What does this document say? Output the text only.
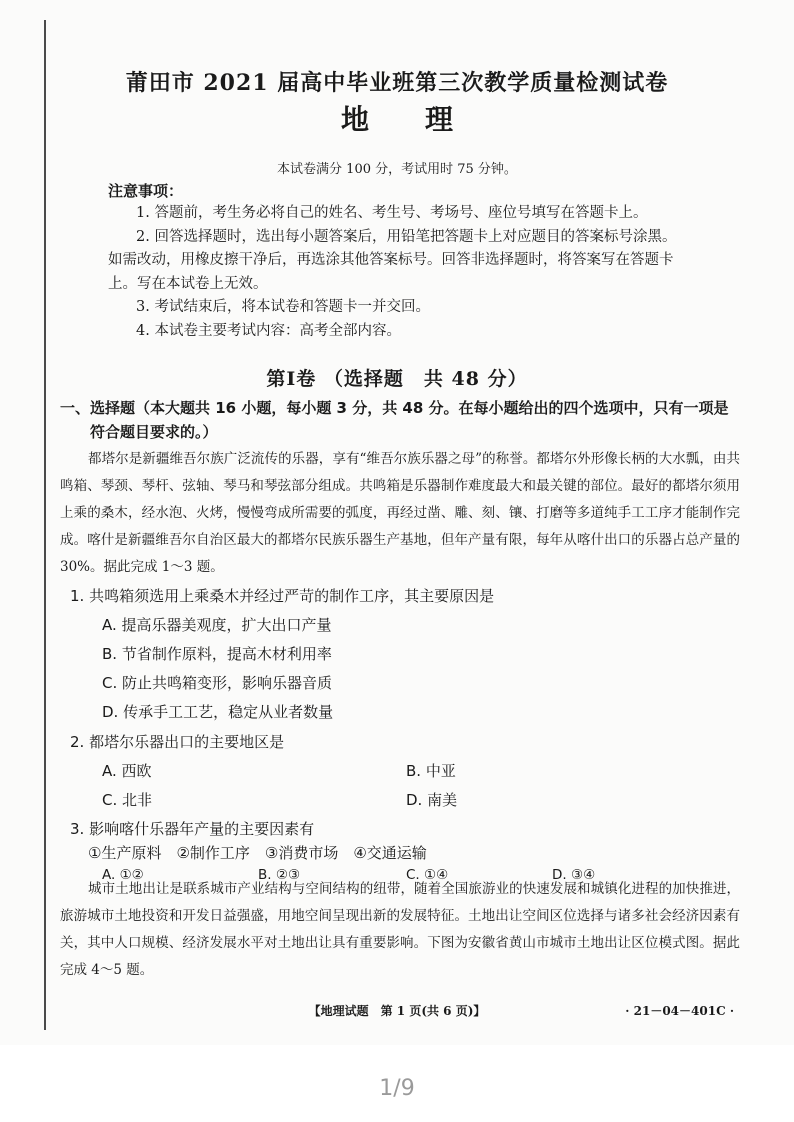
莆田市 2021 届高中毕业班第三次教学质量检测试卷
地理
本试卷满分 100 分，考试用时 75 分钟。
注意事项：

1. 答题前，考生务必将自己的姓名、考生号、考场号、座位号填写在答题卡上。

2. 回答选择题时，选出每小题答案后，用铅笔把答题卡上对应题目的答案标号涂黑。如需改动，用橡皮擦干净后，再选涂其他答案标号。回答非选择题时，将答案写在答题卡上。写在本试卷上无效。

3. 考试结束后，将本试卷和答题卡一并交回。

4. 本试卷主要考试内容：高考全部内容。

第Ⅰ卷 （选择题　共 48 分）
一、选择题（本大题共 16 小题，每小题 3 分，共 48 分。在每小题给出的四个选项中，只有一项是
符合题目要求的。）

都塔尔是新疆维吾尔族广泛流传的乐器，享有“维吾尔族乐器之母”的称誉。都塔尔外形像长柄的大水瓢，由共鸣箱、琴颈、琴杆、弦轴、琴马和琴弦部分组成。共鸣箱是乐器制作难度最大和最关键的部位。最好的都塔尔须用上乘的桑木，经水泡、火烤，慢慢弯成所需要的弧度，再经过凿、雕、刻、镶、打磨等多道纯手工工序才能制作完成。喀什是新疆维吾尔自治区最大的都塔尔民族乐器生产基地，但年产量有限，每年从喀什出口的乐器占总产量的 30%。据此完成 1～3 题。

1. 共鸣箱须选用上乘桑木并经过严苛的制作工序，其主要原因是
A. 提高乐器美观度，扩大出口产量
B. 节省制作原料，提高木材利用率
C. 防止共鸣箱变形，影响乐器音质
D. 传承手工工艺，稳定从业者数量
2. 都塔尔乐器出口的主要地区是
A. 西欧	B. 中亚
C. 北非	D. 南美
3. 影响喀什乐器年产量的主要因素有
①生产原料　②制作工序　③消费市场　④交通运输
A. ①②	B. ②③	C. ①④	D. ③④

城市土地出让是联系城市产业结构与空间结构的纽带，随着全国旅游业的快速发展和城镇化进程的加快推进，旅游城市土地投资和开发日益强盛，用地空间呈现出新的发展特征。土地出让空间区位选择与诸多社会经济因素有关，其中人口规模、经济发展水平对土地出让具有重要影响。下图为安徽省黄山市城市土地出让区位模式图。据此完成 4～5 题。

【地理试题　第 1 页(共 6 页)】	· 21－04－401C ·
1/9
